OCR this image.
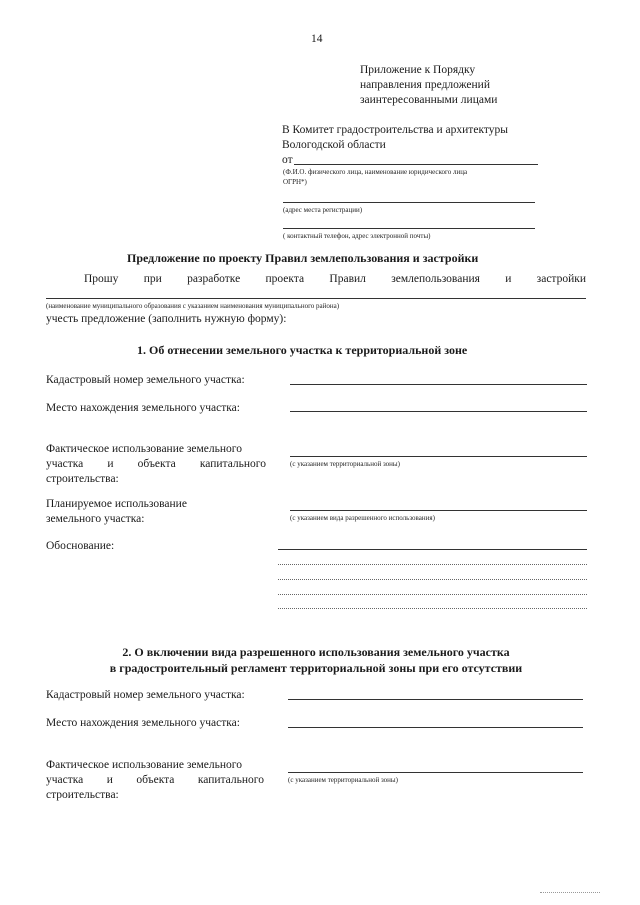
14
Приложение к Порядку
направления предложений
заинтересованными лицами
В Комитет градостроительства и архитектуры
Вологодской области
от
(Ф.И.О. физического лица, наименование юридического лица
ОГРН*)
(адрес места регистрации)
( контактный телефон, адрес электронной почты)
Предложение по проекту Правил землепользования и застройки
Прошу при разработке проекта Правил землепользования и застройки
(наименование муниципального образования с указанием наименования муниципального района)
учесть предложение (заполнить нужную форму):
1. Об отнесении земельного участка к территориальной зоне
Кадастровый номер земельного участка:
Место нахождения земельного участка:
Фактическое использование земельного
участка и объекта капитального
строительства:
(с указанием территориальной зоны)
Планируемое использование
земельного участка:	(с указанием вида разрешенного использования)
Обоснование:
2. О включении вида разрешенного использования земельного участка
в градостроительный регламент территориальной зоны при его отсутствии
Кадастровый номер земельного участка:
Место нахождения земельного участка:
Фактическое использование земельного
участка и объекта капитального
строительства:
(с указанием территориальной зоны)
